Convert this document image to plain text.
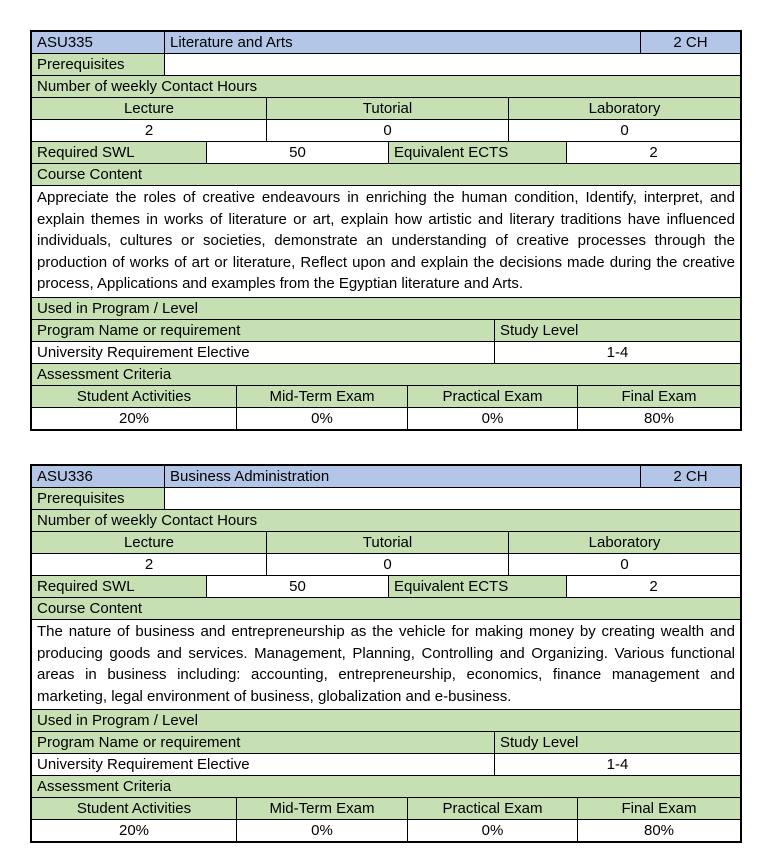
ASU335	Literature and Arts	2 CH
Prerequisites
Number of weekly Contact Hours
Lecture	Tutorial	Laboratory
2	0	0
Required SWL	50	Equivalent ECTS	2
Course Content
Appreciate the roles of creative endeavours in enriching the human condition, Identify, interpret, and explain themes in works of literature or art, explain how artistic and literary traditions have influenced individuals, cultures or societies, demonstrate an understanding of creative processes through the production of works of art or literature, Reflect upon and explain the decisions made during the creative process, Applications and examples from the Egyptian literature and Arts.
Used in Program / Level
Program Name or requirement	Study Level
University Requirement Elective	1-4
Assessment Criteria
Student Activities	Mid-Term Exam	Practical Exam	Final Exam
20%	0%	0%	80%
ASU336	Business Administration	2 CH
Prerequisites
Number of weekly Contact Hours
Lecture	Tutorial	Laboratory
2	0	0
Required SWL	50	Equivalent ECTS	2
Course Content
The nature of business and entrepreneurship as the vehicle for making money by creating wealth and producing goods and services. Management, Planning, Controlling and Organizing. Various functional areas in business including: accounting, entrepreneurship, economics, finance management and marketing, legal environment of business, globalization and e-business.
Used in Program / Level
Program Name or requirement	Study Level
University Requirement Elective	1-4
Assessment Criteria
Student Activities	Mid-Term Exam	Practical Exam	Final Exam
20%	0%	0%	80%
